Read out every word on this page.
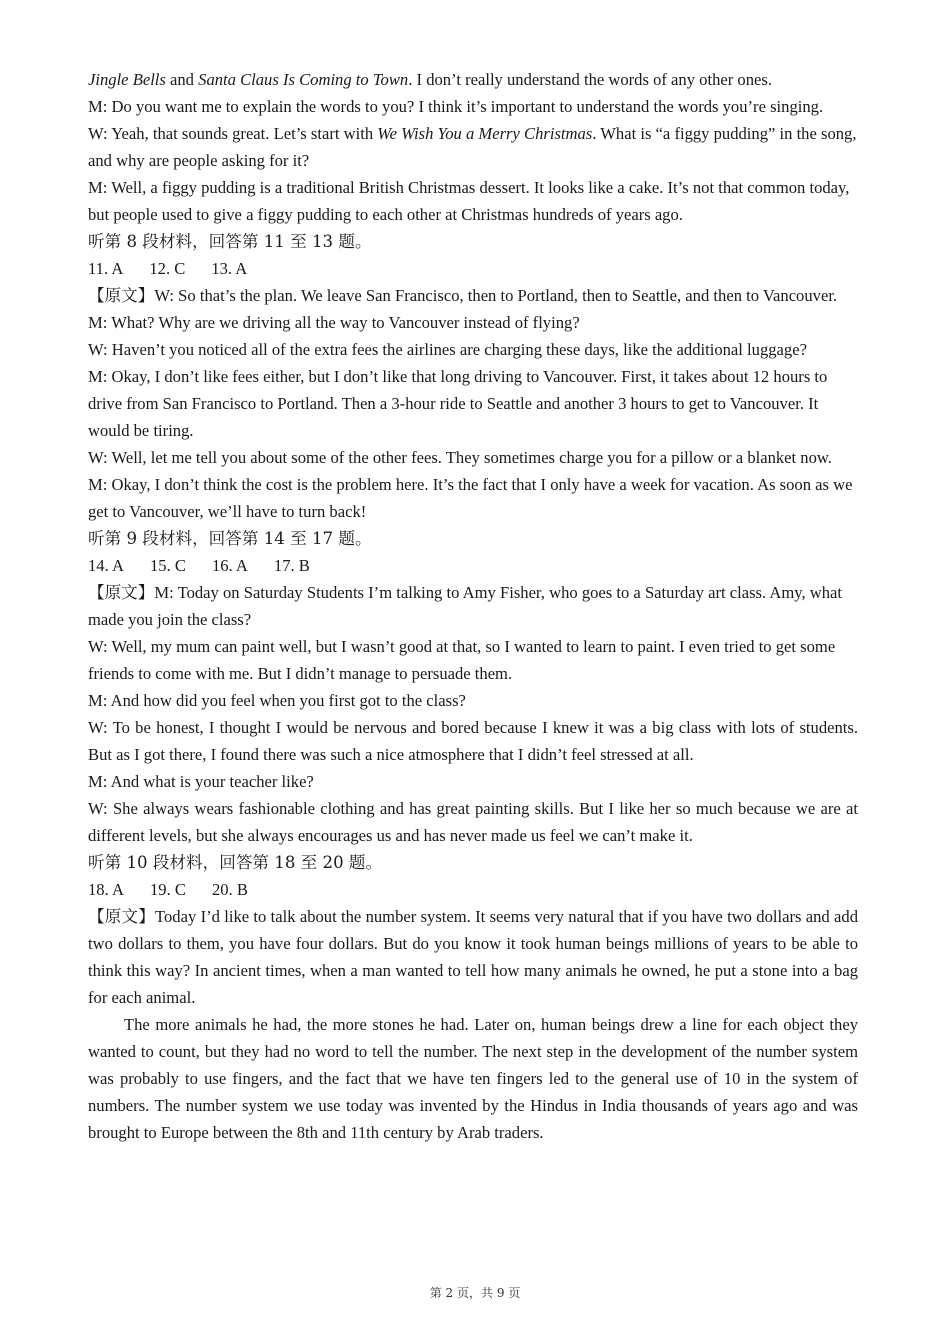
Jingle Bells and Santa Claus Is Coming to Town. I don’t really understand the words of any other ones.

M: Do you want me to explain the words to you? I think it’s important to understand the words you’re singing.

W: Yeah, that sounds great. Let’s start with We Wish You a Merry Christmas. What is “a figgy pudding” in the song, and why are people asking for it?

M: Well, a figgy pudding is a traditional British Christmas dessert. It looks like a cake. It’s not that common today, but people used to give a figgy pudding to each other at Christmas hundreds of years ago.

听第 8 段材料，回答第 11 至 13 题。

11. A 12. C 13. A

【原文】W: So that’s the plan. We leave San Francisco, then to Portland, then to Seattle, and then to Vancouver.

M: What? Why are we driving all the way to Vancouver instead of flying?

W: Haven’t you noticed all of the extra fees the airlines are charging these days, like the additional luggage?

M: Okay, I don’t like fees either, but I don’t like that long driving to Vancouver. First, it takes about 12 hours to drive from San Francisco to Portland. Then a 3-hour ride to Seattle and another 3 hours to get to Vancouver. It would be tiring.

W: Well, let me tell you about some of the other fees. They sometimes charge you for a pillow or a blanket now.

M: Okay, I don’t think the cost is the problem here. It’s the fact that I only have a week for vacation. As soon as we get to Vancouver, we’ll have to turn back!

听第 9 段材料，回答第 14 至 17 题。

14. A 15. C 16. A 17. B

【原文】M: Today on Saturday Students I’m talking to Amy Fisher, who goes to a Saturday art class. Amy, what made you join the class?

W: Well, my mum can paint well, but I wasn’t good at that, so I wanted to learn to paint. I even tried to get some friends to come with me. But I didn’t manage to persuade them.

M: And how did you feel when you first got to the class?

W: To be honest, I thought I would be nervous and bored because I knew it was a big class with lots of students. But as I got there, I found there was such a nice atmosphere that I didn’t feel stressed at all.

M: And what is your teacher like?

W: She always wears fashionable clothing and has great painting skills. But I like her so much because we are at different levels, but she always encourages us and has never made us feel we can’t make it.

听第 10 段材料，回答第 18 至 20 题。

18. A 19. C 20. B

【原文】Today I’d like to talk about the number system. It seems very natural that if you have two dollars and add two dollars to them, you have four dollars. But do you know it took human beings millions of years to be able to think this way? In ancient times, when a man wanted to tell how many animals he owned, he put a stone into a bag for each animal.

The more animals he had, the more stones he had. Later on, human beings drew a line for each object they wanted to count, but they had no word to tell the number. The next step in the development of the number system was probably to use fingers, and the fact that we have ten fingers led to the general use of 10 in the system of numbers. The number system we use today was invented by the Hindus in India thousands of years ago and was brought to Europe between the 8th and 11th century by Arab traders.

第 2 页，共 9 页
